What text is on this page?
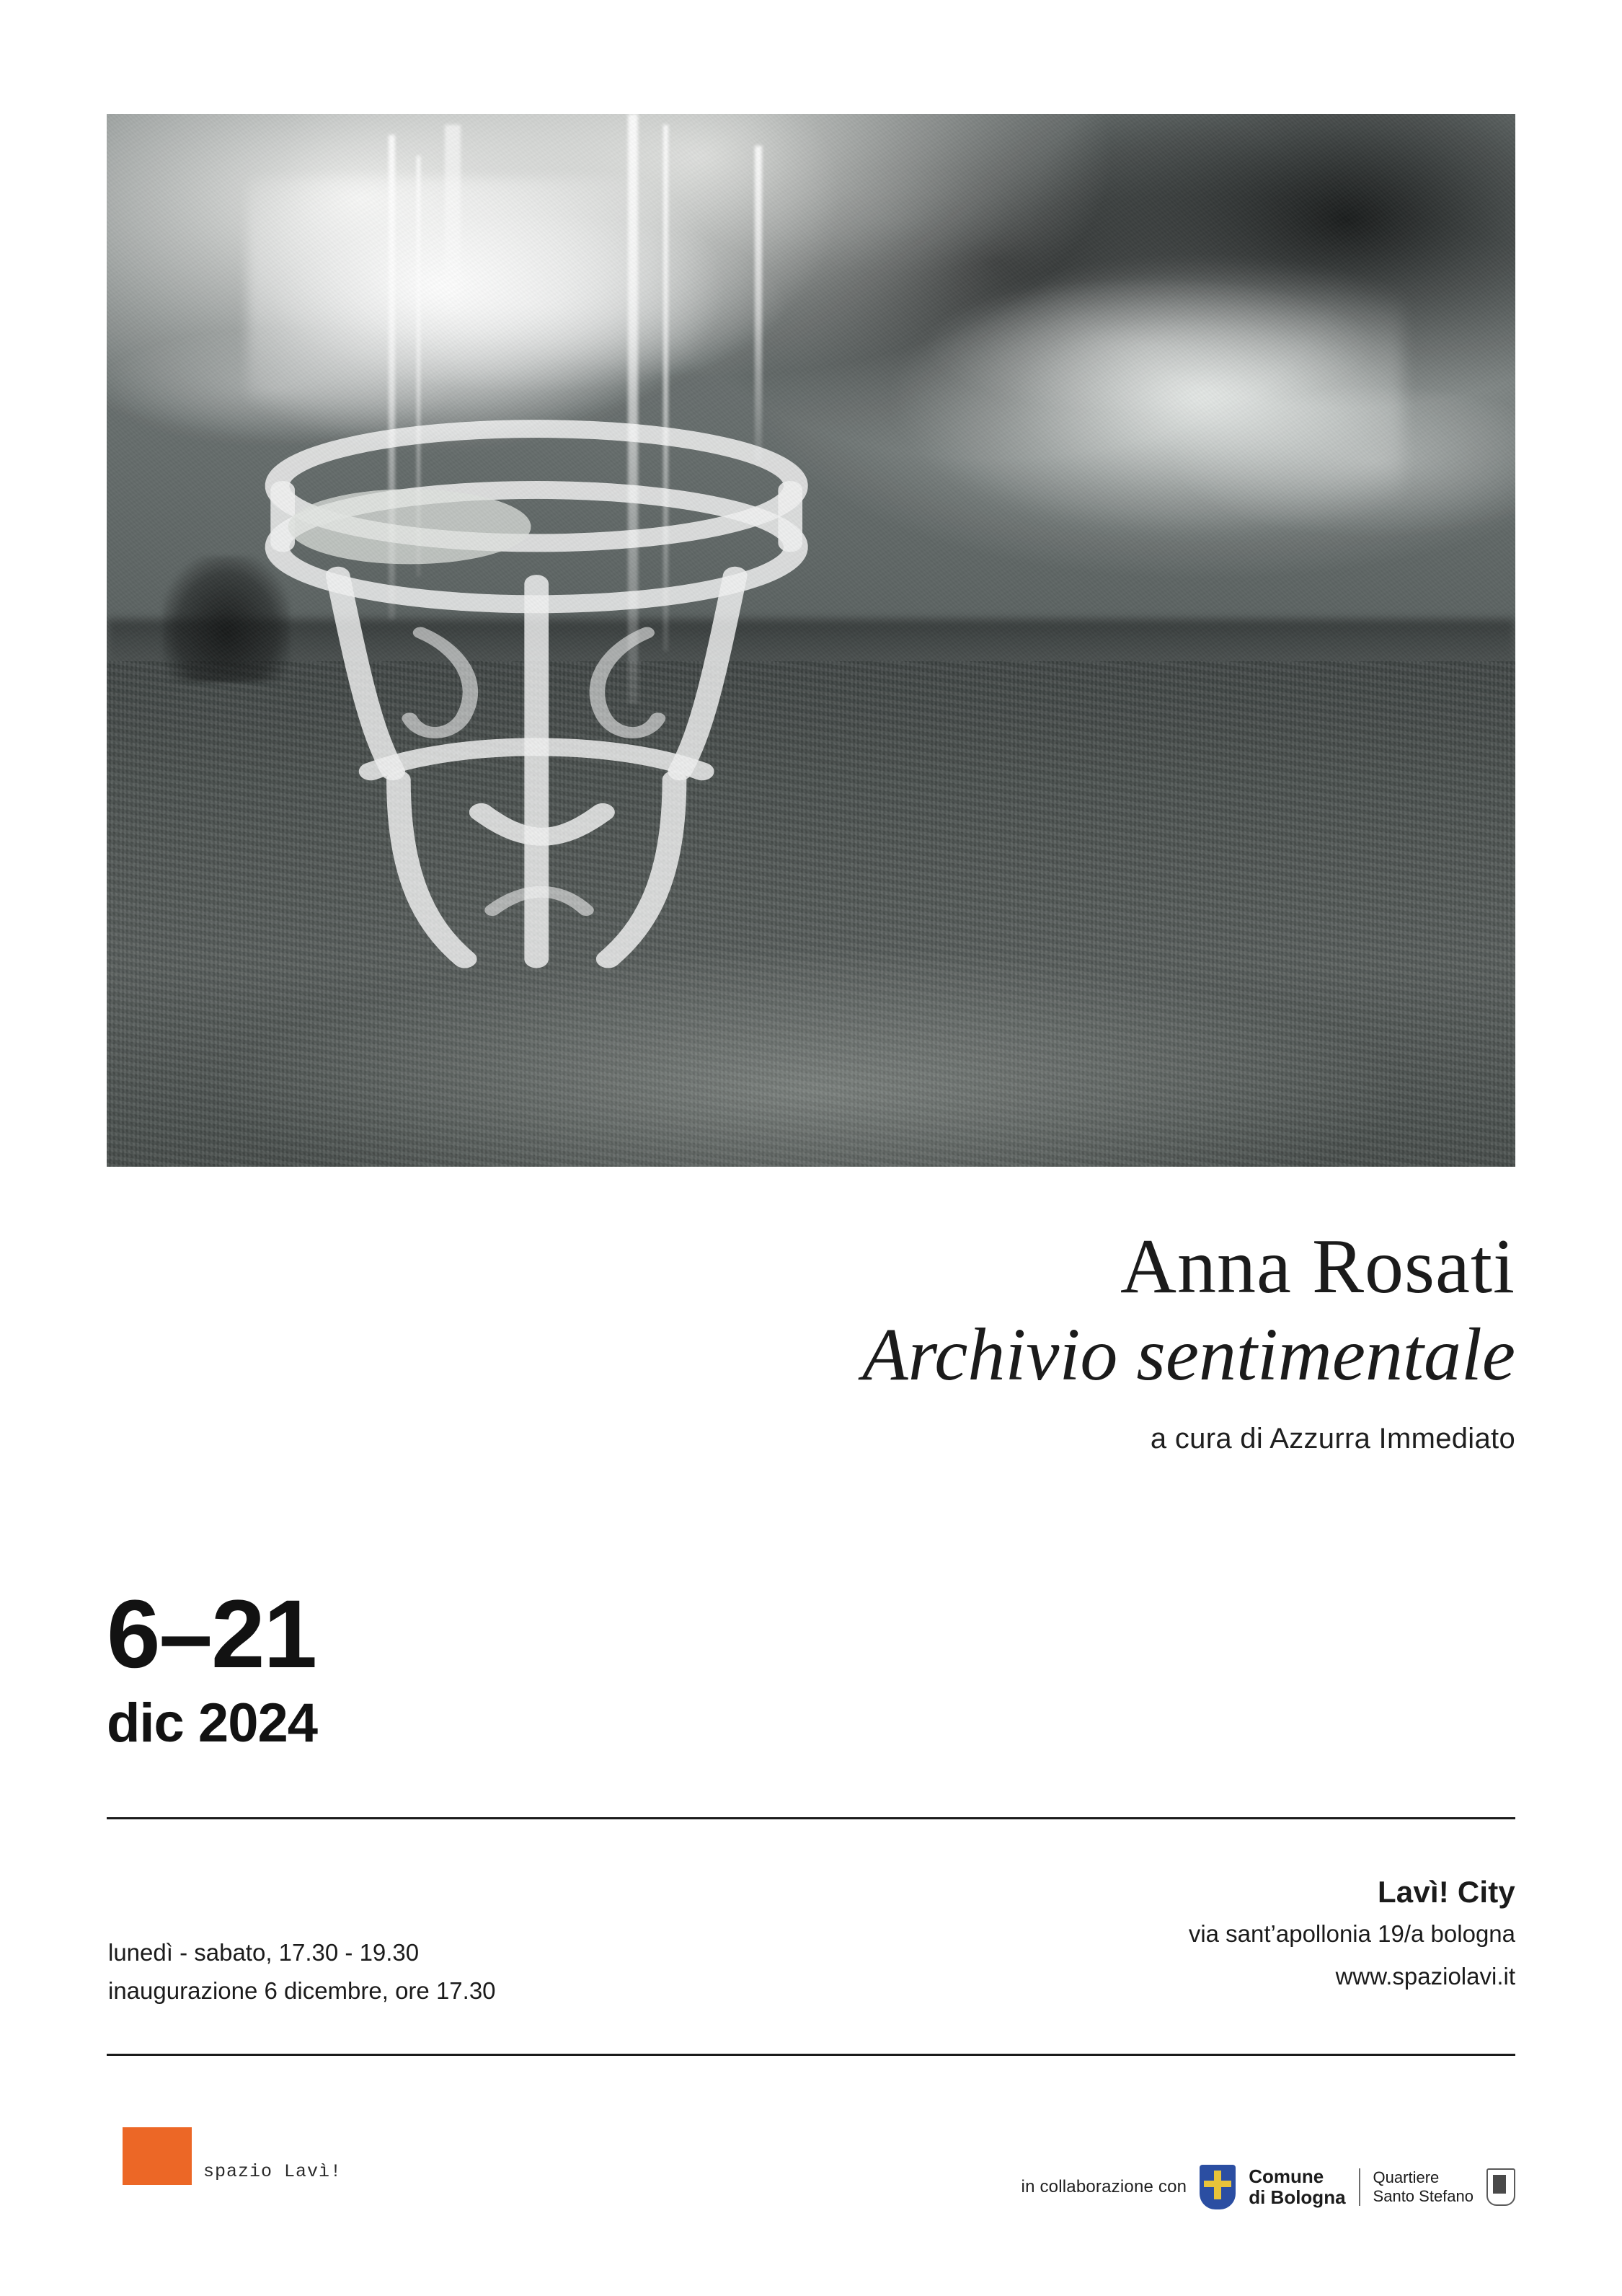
Anna Rosati
Archivio sentimentale
a cura di Azzurra Immediato
6–21
dic 2024
lunedì - sabato, 17.30 - 19.30
inaugurazione 6 dicembre, ore 17.30
Lavì! City
via sant’apollonia 19/a bologna
www.spaziolavi.it
spazio Lavì!
in collaborazione con	Comune
di Bologna
Quartiere
Santo Stefano
